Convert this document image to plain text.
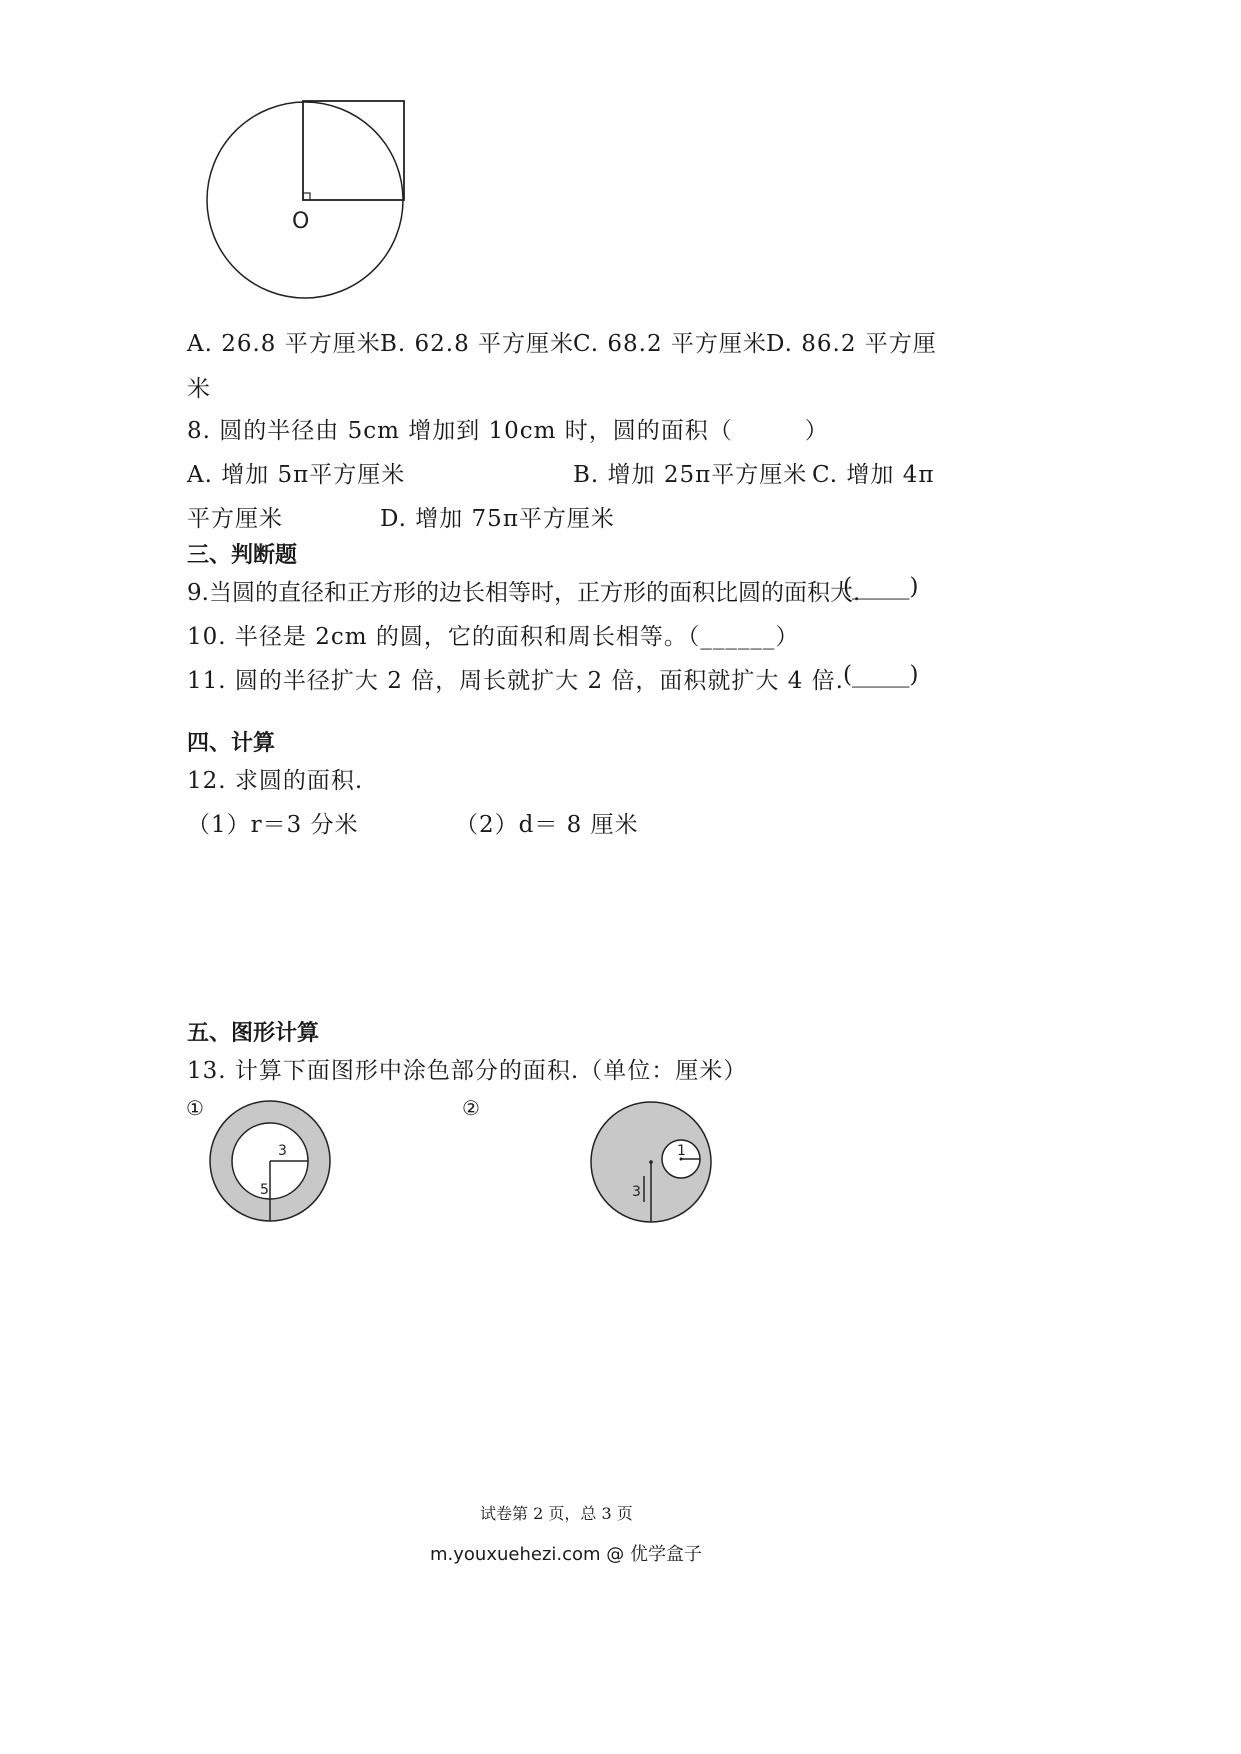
O
A. 26.8 平方厘米 B. 62.8 平方厘米
C. 68.2 平方厘米 D. 86.2 平方厘
米
8. 圆的半径由 5cm 增加到 10cm 时，圆的面积（　　　）
A. 增加 5π平方厘米	B. 增加 25π平方厘米 C. 增加 4π
平方厘米	D. 增加 75π平方厘米
三、判断题
9.当圆的直径和正方形的边长相等时，正方形的面积比圆的面积大.
(_____)
10. 半径是 2cm 的圆，它的面积和周长相等。（______）
11. 圆的半径扩大 2 倍，周长就扩大 2 倍，面积就扩大 4 倍. (_____)
四、计算
12. 求圆的面积.
（1）r＝3 分米	（2）d＝ 8 厘米
五、图形计算
13. 计算下面图形中涂色部分的面积.（单位：厘米）
①
3
5
②
1
3
试卷第 2 页，总 3 页
m.youxuehezi.com @ 优学盒子
